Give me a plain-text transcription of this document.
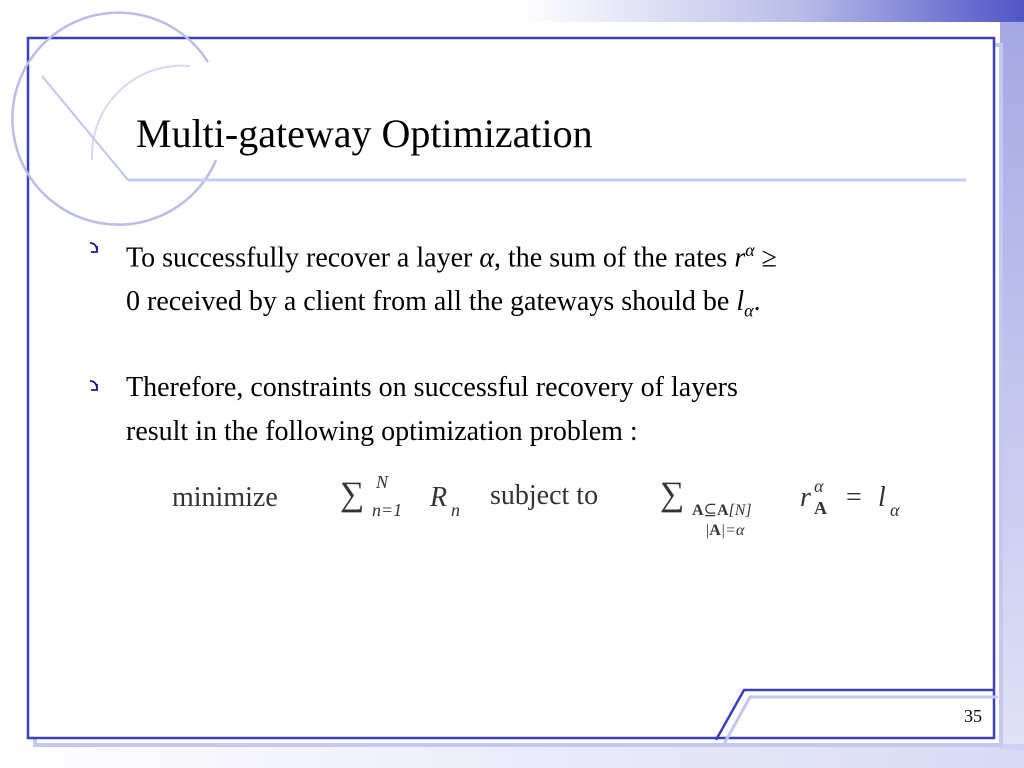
Multi-gateway Optimization
To successfully recover a layer α, the sum of the rates $r^\alpha$ ≥
0 received by a client from all the gateways should be $l_\alpha$.
Therefore, constraints on successful recovery of layers
result in the following optimization problem :
minimize ∑ N
n=1 R n subject to ∑ A⊆A[N]
|A|=α
r α
A = l α
35
